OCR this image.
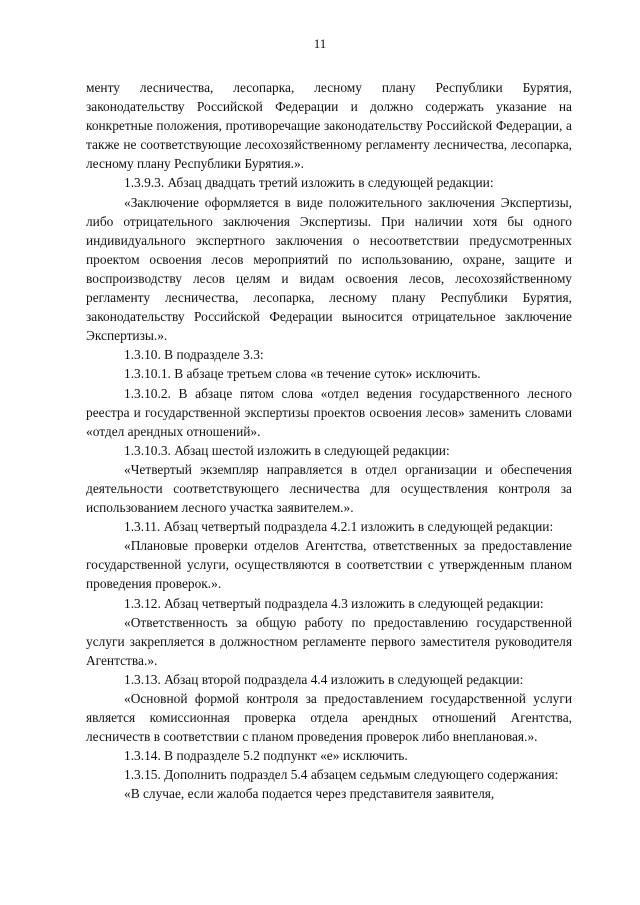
11

менту лесничества, лесопарка, лесному плану Республики Бурятия, законодательству Российской Федерации и должно содержать указание на конкретные положения, противоречащие законодательству Российской Федерации, а также не соответствующие лесохозяйственному регламенту лесничества, лесопарка, лесному плану Республики Бурятия.».

1.3.9.3. Абзац двадцать третий изложить в следующей редакции:

«Заключение оформляется в виде положительного заключения Экспертизы, либо отрицательного заключения Экспертизы. При наличии хотя бы одного индивидуального экспертного заключения о несоответствии предусмотренных проектом освоения лесов мероприятий по использованию, охране, защите и воспроизводству лесов целям и видам освоения лесов, лесохозяйственному регламенту лесничества, лесопарка, лесному плану Республики Бурятия, законодательству Российской Федерации выносится отрицательное заключение Экспертизы.».

1.3.10. В подразделе 3.3:

1.3.10.1. В абзаце третьем слова «в течение суток» исключить.

1.3.10.2. В абзаце пятом слова «отдел ведения государственного лесного реестра и государственной экспертизы проектов освоения лесов» заменить словами «отдел арендных отношений».

1.3.10.3. Абзац шестой изложить в следующей редакции:

«Четвертый экземпляр направляется в отдел организации и обеспечения деятельности соответствующего лесничества для осуществления контроля за использованием лесного участка заявителем.».

1.3.11. Абзац четвертый подраздела 4.2.1 изложить в следующей редакции:

«Плановые проверки отделов Агентства, ответственных за предоставление государственной услуги, осуществляются в соответствии с утвержденным планом проведения проверок.».

1.3.12. Абзац четвертый подраздела 4.3 изложить в следующей редакции:

«Ответственность за общую работу по предоставлению государственной услуги закрепляется в должностном регламенте первого заместителя руководителя Агентства.».

1.3.13. Абзац второй подраздела 4.4 изложить в следующей редакции:

«Основной формой контроля за предоставлением государственной услуги является комиссионная проверка отдела арендных отношений Агентства, лесничеств в соответствии с планом проведения проверок либо внеплановая.».

1.3.14. В подразделе 5.2 подпункт «е» исключить.

1.3.15. Дополнить подраздел 5.4 абзацем седьмым следующего содержания:

«В случае, если жалоба подается через представителя заявителя,
